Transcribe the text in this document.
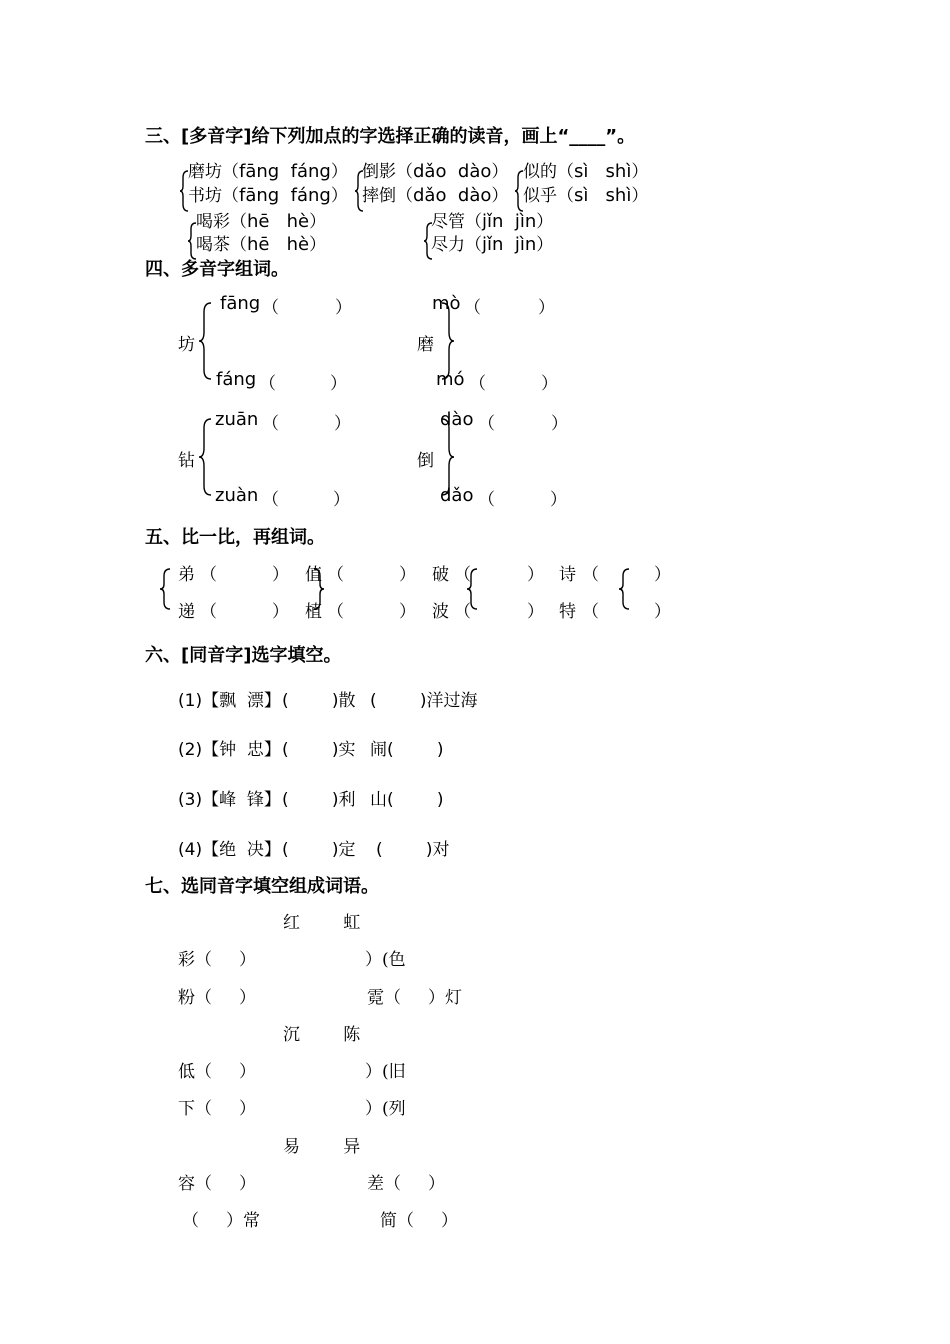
三、[多音字]给下列加点的字选择正确的读音，画上“____”。
磨坊（fāng  fáng）
书坊（fāng  fáng）
倒影（dǎo  dào）
摔倒（dǎo  dào）
似的（sì   shì）
似乎（sì   shì）
喝彩（hē   hè）
喝茶（hē   hè）
尽管（jǐn  jìn）
尽力（jǐn  jìn）
四、多音字组词。
坊
fāng （	）
fáng （	）
磨
mò （	）
mó （	）
钻
zuān （	）
zuàn （	）
倒
dào （	）
dǎo （	）
五、比一比，再组词。
弟 （	） 值 （	） 破 （	） 诗 （	）
递 （	） 植 （	） 波 （	） 特 （	）
六、[同音字]选字填空。
(1)【飘  漂】 (        )散 (        )洋过海
(2)【钟  忠】 (        )实 闹(        )
(3)【峰  锋】 (        )利 山(        )
(4)【绝  决】 (        )定 (        )对
七、选同音字填空组成词语。
红        虹
彩（     ）	）(色
粉（     ）	霓（     ）灯
沉        陈
低（     ）	）(旧
下（     ）	）(列
易        异
容（     ）	差（     ）
（     ）常	简（     ）
